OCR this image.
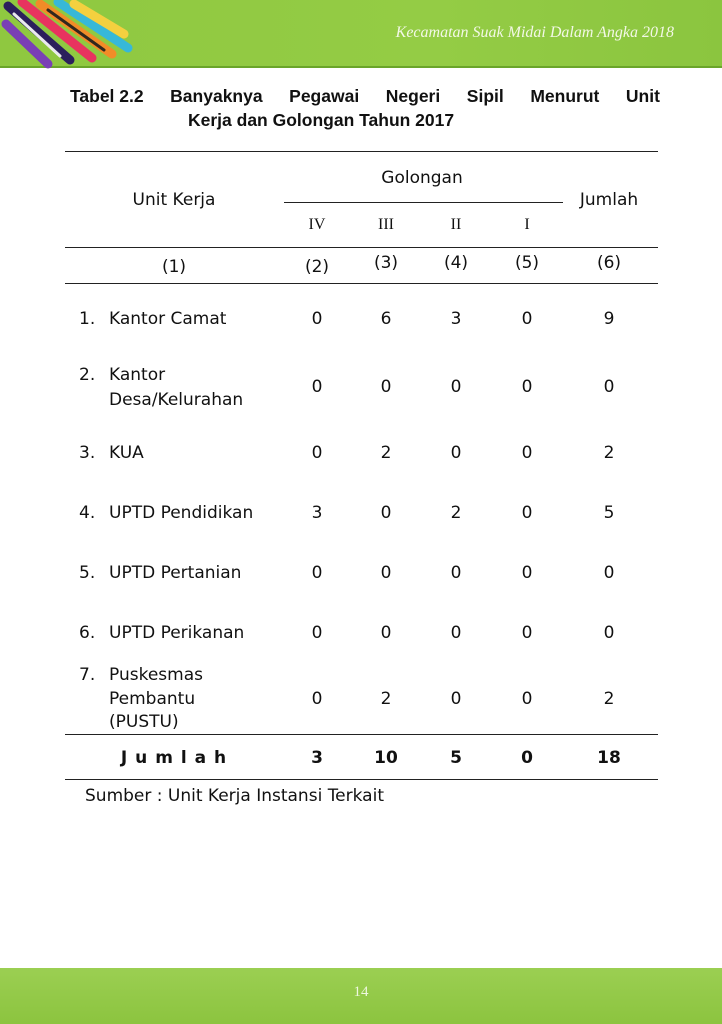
Kecamatan Suak Midai Dalam Angka 2018
Tabel 2.2 Banyaknya Pegawai Negeri Sipil Menurut Unit
Kerja dan Golongan Tahun 2017
Unit Kerja
Golongan
Jumlah
IV	III	II	I
(1)	(2)	(3)	(4)	(5)	(6)
1. Kantor Camat	0	6	3	0	9
2. Kantor
Desa/Kelurahan
0	0	0	0	0
3. KUA	0	2	0	0	2
4. UPTD Pendidikan	3	0	2	0	5
5. UPTD Pertanian	0	0	0	0	0
6. UPTD Perikanan	0	0	0	0	0
7. Puskesmas
Pembantu
(PUSTU)
0	2	0	0	2
J u m l a h	3	10	5	0	18
Sumber : Unit Kerja Instansi Terkait
14
